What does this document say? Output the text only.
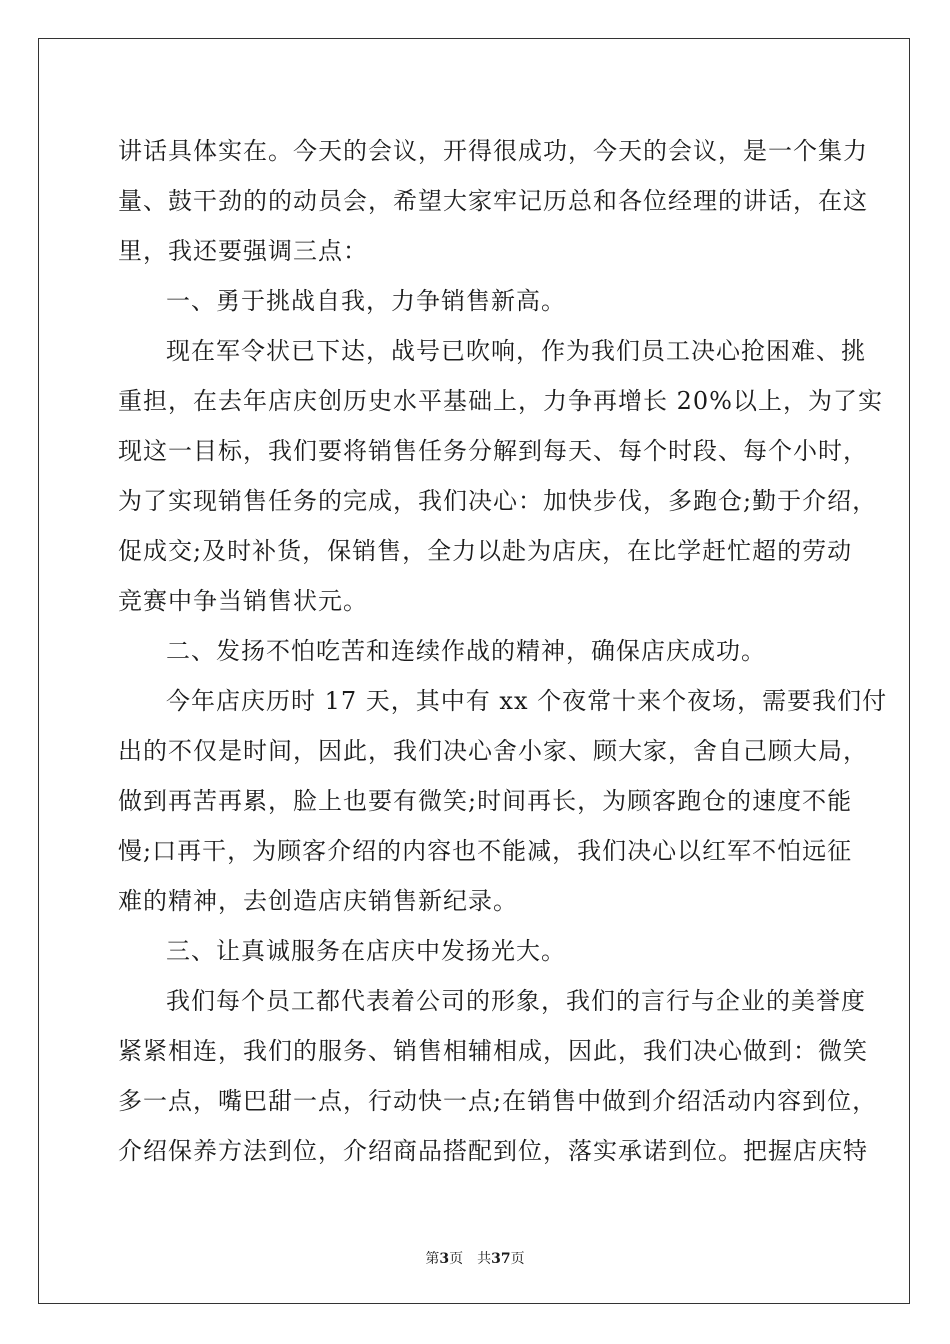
讲话具体实在。今天的会议，开得很成功，今天的会议，是一个集力
量、鼓干劲的的动员会，希望大家牢记历总和各位经理的讲话，在这
里，我还要强调三点：
一、勇于挑战自我，力争销售新高。
现在军令状已下达，战号已吹响，作为我们员工决心抢困难、挑
重担，在去年店庆创历史水平基础上，力争再增长 20%以上，为了实
现这一目标，我们要将销售任务分解到每天、每个时段、每个小时，
为了实现销售任务的完成，我们决心：加快步伐，多跑仓;勤于介绍，
促成交;及时补货，保销售，全力以赴为店庆，在比学赶忙超的劳动
竞赛中争当销售状元。
二、发扬不怕吃苦和连续作战的精神，确保店庆成功。
今年店庆历时 17 天，其中有 xx 个夜常十来个夜场，需要我们付
出的不仅是时间，因此，我们决心舍小家、顾大家，舍自己顾大局，
做到再苦再累，脸上也要有微笑;时间再长，为顾客跑仓的速度不能
慢;口再干，为顾客介绍的内容也不能减，我们决心以红军不怕远征
难的精神，去创造店庆销售新纪录。
三、让真诚服务在店庆中发扬光大。
我们每个员工都代表着公司的形象，我们的言行与企业的美誉度
紧紧相连，我们的服务、销售相辅相成，因此，我们决心做到：微笑
多一点，嘴巴甜一点，行动快一点;在销售中做到介绍活动内容到位，
介绍保养方法到位，介绍商品搭配到位，落实承诺到位。把握店庆特
第3页 共37页
